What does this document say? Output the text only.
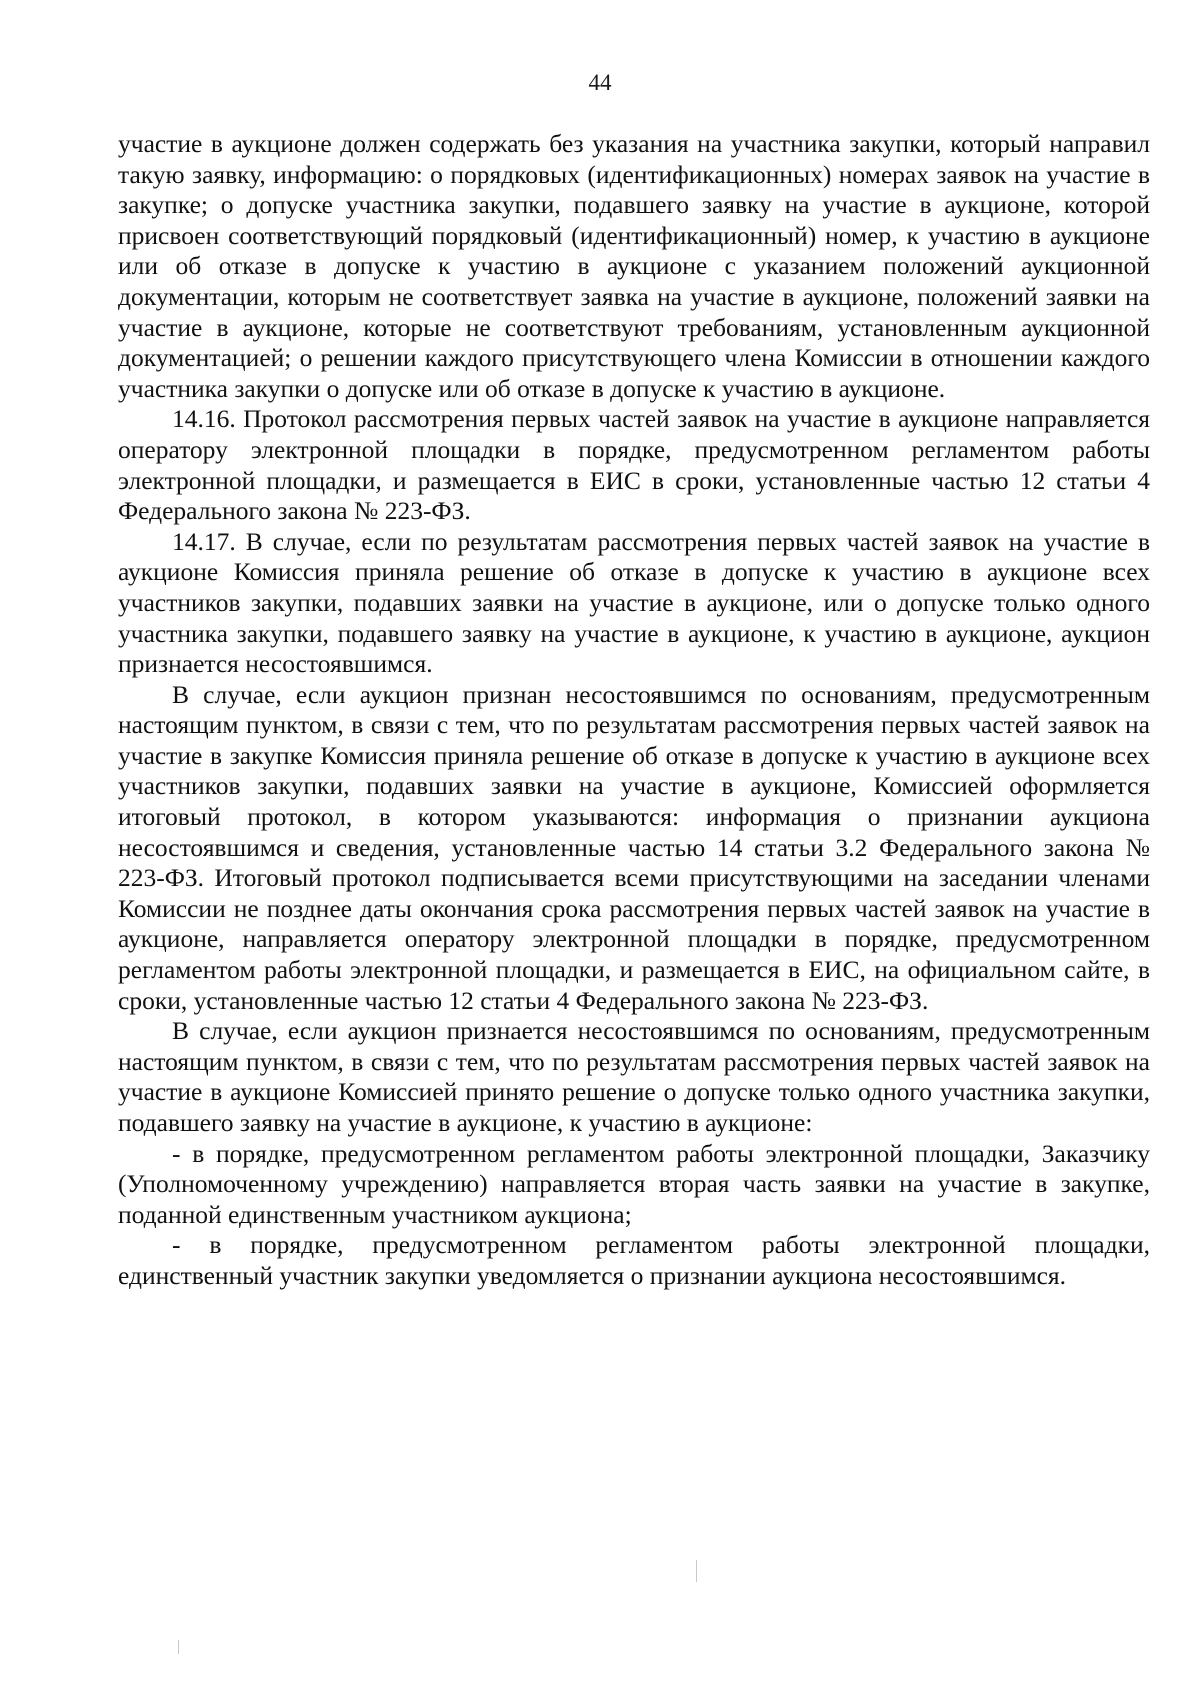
44

участие в аукционе должен содержать без указания на участника закупки, который направил такую заявку, информацию: о порядковых (идентификационных) номерах заявок на участие в закупке; о допуске участника закупки, подавшего заявку на участие в аукционе, которой присвоен соответствующий порядковый (идентификационный) номер, к участию в аукционе или об отказе в допуске к участию в аукционе с указанием положений аукционной документации, которым не соответствует заявка на участие в аукционе, положений заявки на участие в аукционе, которые не соответствуют требованиям, установленным аукционной документацией; о решении каждого присутствующего члена Комиссии в отношении каждого участника закупки о допуске или об отказе в допуске к участию в аукционе.

14.16. Протокол рассмотрения первых частей заявок на участие в аукционе направляется оператору электронной площадки в порядке, предусмотренном регламентом работы электронной площадки, и размещается в ЕИС в сроки, установленные частью 12 статьи 4 Федерального закона № 223-ФЗ.

14.17. В случае, если по результатам рассмотрения первых частей заявок на участие в аукционе Комиссия приняла решение об отказе в допуске к участию в аукционе всех участников закупки, подавших заявки на участие в аукционе, или о допуске только одного участника закупки, подавшего заявку на участие в аукционе, к участию в аукционе, аукцион признается несостоявшимся.

В случае, если аукцион признан несостоявшимся по основаниям, предусмотренным настоящим пунктом, в связи с тем, что по результатам рассмотрения первых частей заявок на участие в закупке Комиссия приняла решение об отказе в допуске к участию в аукционе всех участников закупки, подавших заявки на участие в аукционе, Комиссией оформляется итоговый протокол, в котором указываются: информация о признании аукциона несостоявшимся и сведения, установленные частью 14 статьи 3.2 Федерального закона № 223-ФЗ. Итоговый протокол подписывается всеми присутствующими на заседании членами Комиссии не позднее даты окончания срока рассмотрения первых частей заявок на участие в аукционе, направляется оператору электронной площадки в порядке, предусмотренном регламентом работы электронной площадки, и размещается в ЕИС, на официальном сайте, в сроки, установленные частью 12 статьи 4 Федерального закона № 223-ФЗ.

В случае, если аукцион признается несостоявшимся по основаниям, предусмотренным настоящим пунктом, в связи с тем, что по результатам рассмотрения первых частей заявок на участие в аукционе Комиссией принято решение о допуске только одного участника закупки, подавшего заявку на участие в аукционе, к участию в аукционе:

- в порядке, предусмотренном регламентом работы электронной площадки, Заказчику (Уполномоченному учреждению) направляется вторая часть заявки на участие в закупке, поданной единственным участником аукциона;

- в порядке, предусмотренном регламентом работы электронной площадки, единственный участник закупки уведомляется о признании аукциона несостоявшимся.
